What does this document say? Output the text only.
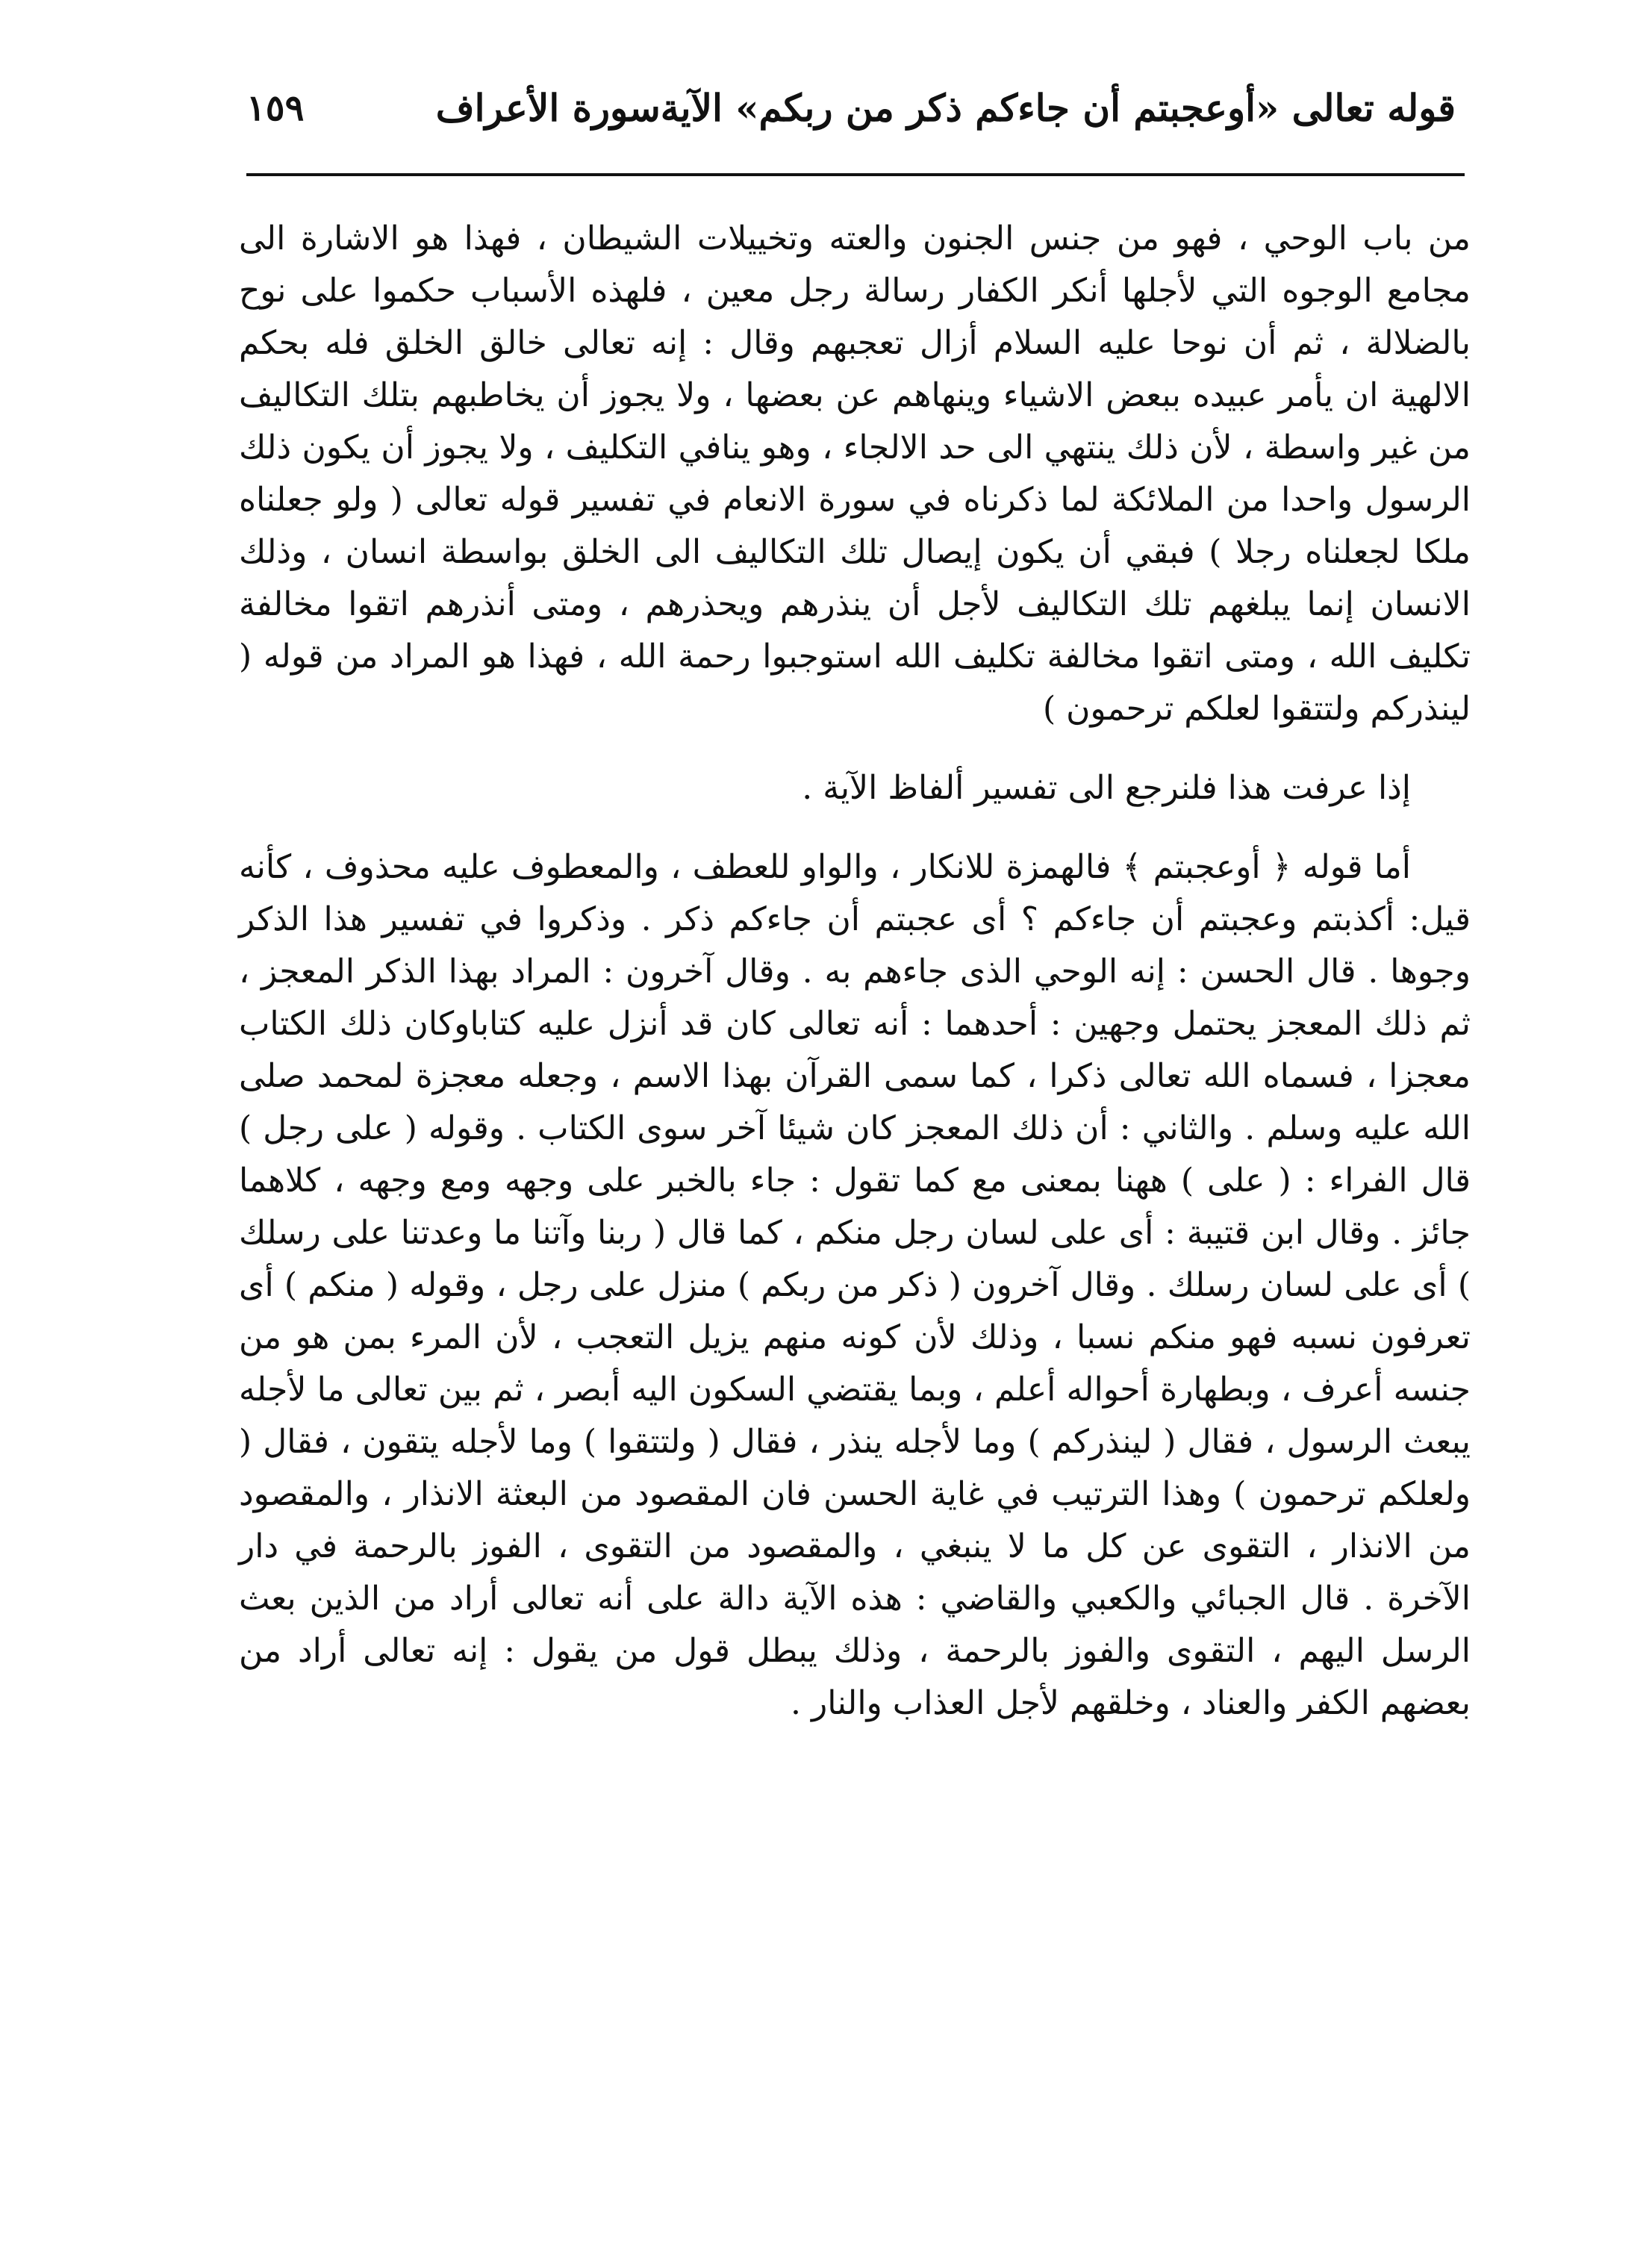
قوله تعالى «أوعجبتم أن جاءكم ذكر من ربكم» الآيةسورة الأعراف
١٥٩

من باب الوحي ، فهو من جنس الجنون والعته وتخييلات الشيطان ، فهذا هو الاشارة الى مجامع الوجوه التي لأجلها أنكر الكفار رسالة رجل معين ، فلهذه الأسباب حكموا على نوح بالضلالة ، ثم أن نوحا عليه السلام أزال تعجبهم وقال : إنه تعالى خالق الخلق فله بحكم الالهية ان يأمر عبيده ببعض الاشياء وينهاهم عن بعضها ، ولا يجوز أن يخاطبهم بتلك التكاليف من غير واسطة ، لأن ذلك ينتهي الى حد الالجاء ، وهو ينافي التكليف ، ولا يجوز أن يكون ذلك الرسول واحدا من الملائكة لما ذكرناه في سورة الانعام في تفسير قوله تعالى ( ولو جعلناه ملكا لجعلناه رجلا ) فبقي أن يكون إيصال تلك التكاليف الى الخلق بواسطة انسان ، وذلك الانسان إنما يبلغهم تلك التكاليف لأجل أن ينذرهم ويحذرهم ، ومتى أنذرهم اتقوا مخالفة تكليف الله ، ومتى اتقوا مخالفة تكليف الله استوجبوا رحمة الله ، فهذا هو المراد من قوله ( لينذركم ولتتقوا لعلكم ترحمون )

إذا عرفت هذا فلنرجع الى تفسير ألفاظ الآية .

أما قوله ﴿ أوعجبتم ﴾ فالهمزة للانكار ، والواو للعطف ، والمعطوف عليه محذوف ، كأنه قيل: أكذبتم وعجبتم أن جاءكم ؟ أى عجبتم أن جاءكم ذكر . وذكروا في تفسير هذا الذكر وجوها . قال الحسن : إنه الوحي الذى جاءهم به . وقال آخرون : المراد بهذا الذكر المعجز ، ثم ذلك المعجز يحتمل وجهين : أحدهما : أنه تعالى كان قد أنزل عليه كتاباوكان ذلك الكتاب معجزا ، فسماه الله تعالى ذكرا ، كما سمى القرآن بهذا الاسم ، وجعله معجزة لمحمد صلى الله عليه وسلم . والثاني : أن ذلك المعجز كان شيئا آخر سوى الكتاب . وقوله ( على رجل ) قال الفراء : ( على ) ههنا بمعنى مع كما تقول : جاء بالخبر على وجهه ومع وجهه ، كلاهما جائز . وقال ابن قتيبة : أى على لسان رجل منكم ، كما قال ( ربنا وآتنا ما وعدتنا على رسلك ) أى على لسان رسلك . وقال آخرون ( ذكر من ربكم ) منزل على رجل ، وقوله ( منكم ) أى تعرفون نسبه فهو منكم نسبا ، وذلك لأن كونه منهم يزيل التعجب ، لأن المرء بمن هو من جنسه أعرف ، وبطهارة أحواله أعلم ، وبما يقتضي السكون اليه أبصر ، ثم بين تعالى ما لأجله يبعث الرسول ، فقال ( لينذركم ) وما لأجله ينذر ، فقال ( ولتتقوا ) وما لأجله يتقون ، فقال ( ولعلكم ترحمون ) وهذا الترتيب في غاية الحسن فان المقصود من البعثة الانذار ، والمقصود من الانذار ، التقوى عن كل ما لا ينبغي ، والمقصود من التقوى ، الفوز بالرحمة في دار الآخرة . قال الجبائي والكعبي والقاضي : هذه الآية دالة على أنه تعالى أراد من الذين بعث الرسل اليهم ، التقوى والفوز بالرحمة ، وذلك يبطل قول من يقول : إنه تعالى أراد من بعضهم الكفر والعناد ، وخلقهم لأجل العذاب والنار .
